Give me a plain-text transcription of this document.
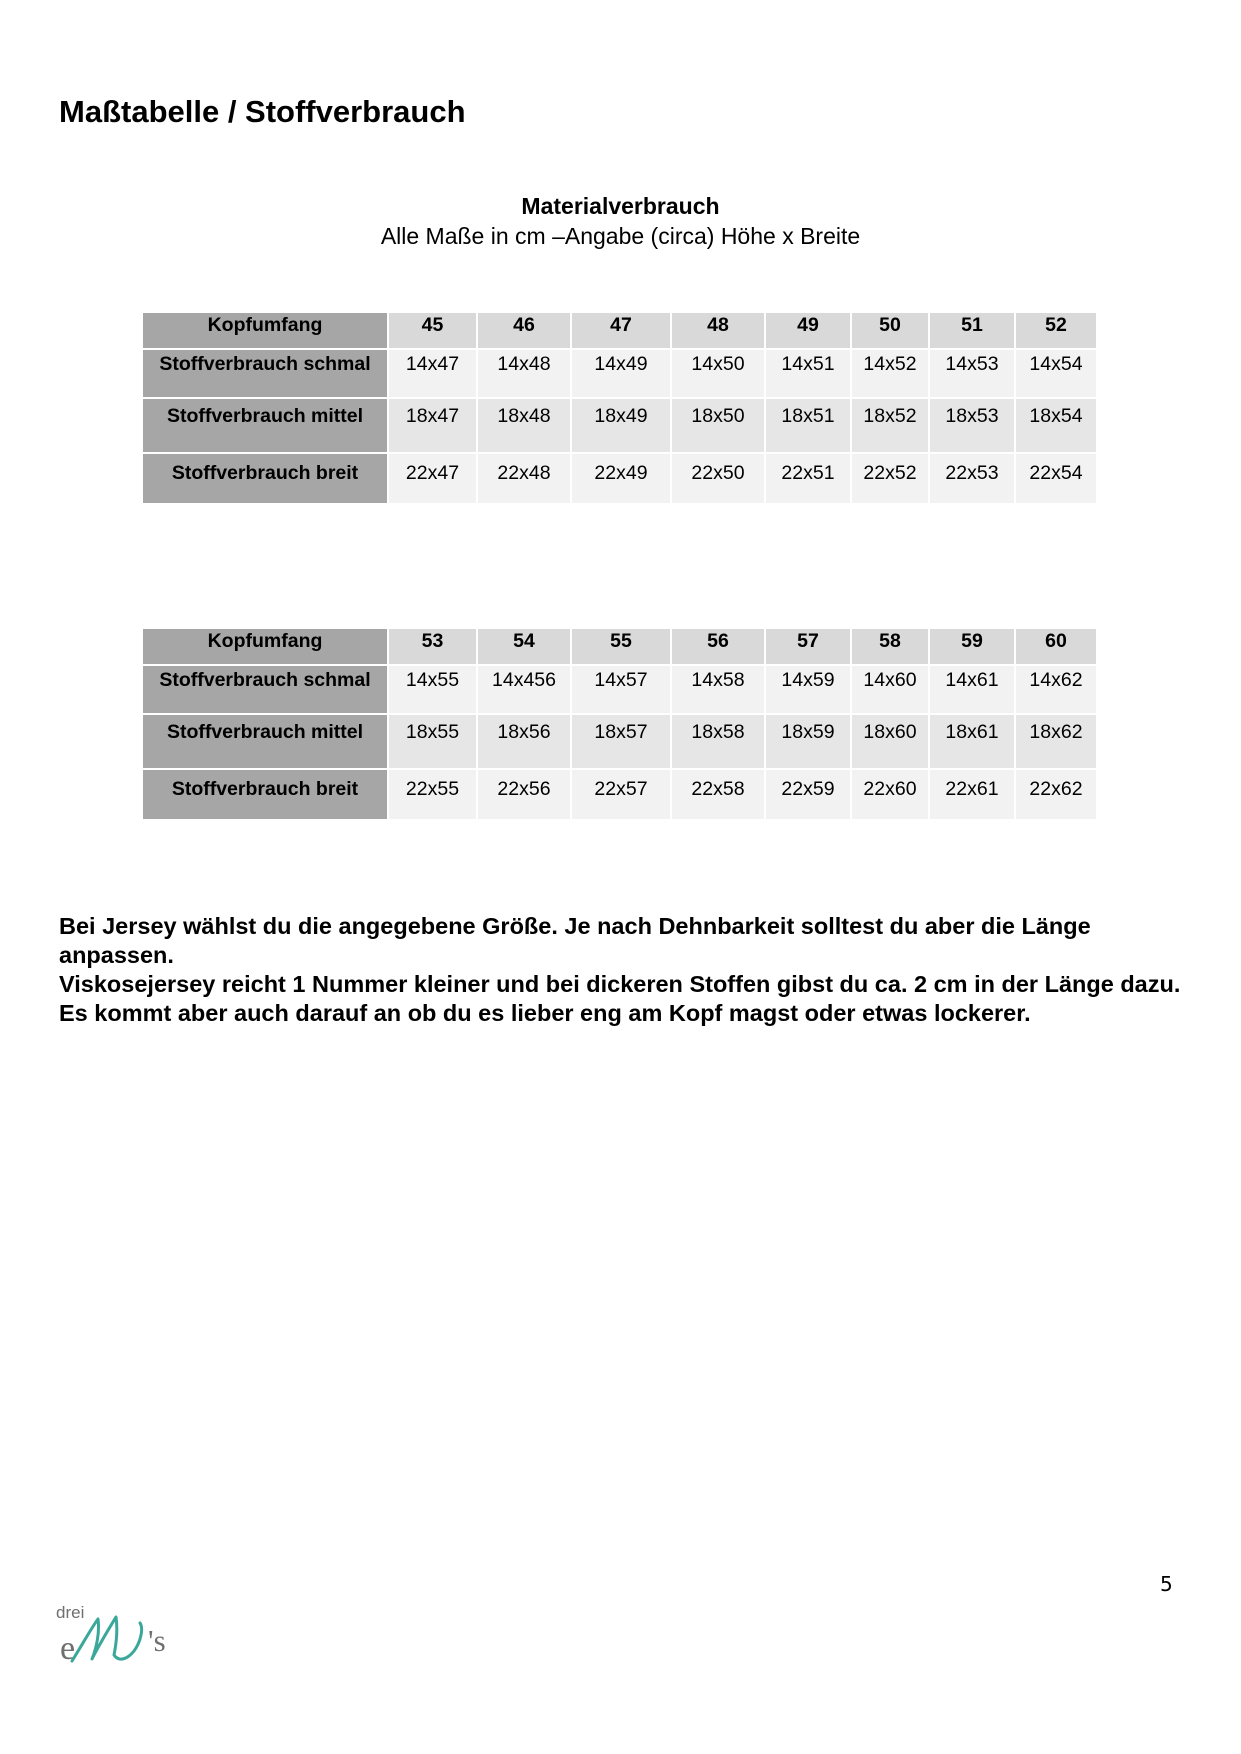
Maßtabelle / Stoffverbrauch
Materialverbrauch
Alle Maße in cm –Angabe (circa) Höhe x Breite
Kopfumfang	45	46	47	48	49	50	51	52
Stoffverbrauch schmal	14x47	14x48	14x49	14x50	14x51	14x52	14x53	14x54
Stoffverbrauch mittel	18x47	18x48	18x49	18x50	18x51	18x52	18x53	18x54
Stoffverbrauch breit	22x47	22x48	22x49	22x50	22x51	22x52	22x53	22x54
Kopfumfang	53	54	55	56	57	58	59	60
Stoffverbrauch schmal	14x55	14x456	14x57	14x58	14x59	14x60	14x61	14x62
Stoffverbrauch mittel	18x55	18x56	18x57	18x58	18x59	18x60	18x61	18x62
Stoffverbrauch breit	22x55	22x56	22x57	22x58	22x59	22x60	22x61	22x62

Bei Jersey wählst du die angegebene Größe. Je nach Dehnbarkeit solltest du aber die Länge anpassen.

Viskosejersey reicht 1 Nummer kleiner und bei dickeren Stoffen gibst du ca. 2 cm in der Länge dazu.

Es kommt aber auch darauf an ob du es lieber eng am Kopf magst oder etwas lockerer.

5
drei
e 's
